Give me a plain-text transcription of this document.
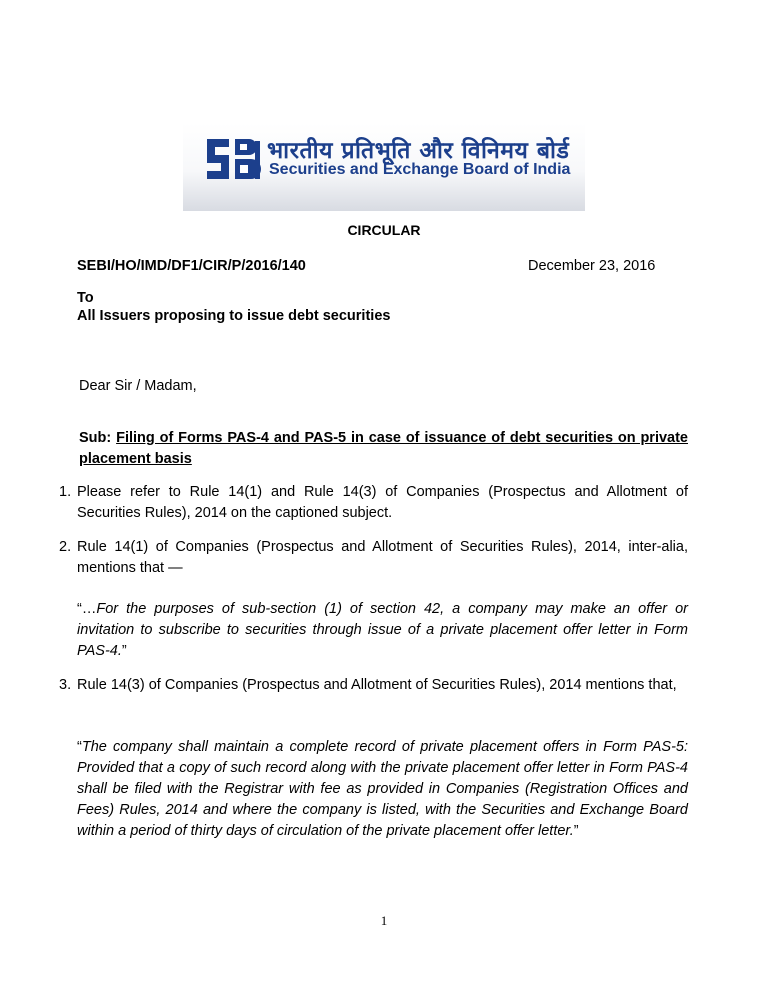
भारतीय प्रतिभूति और विनिमय बोर्ड
Securities and Exchange Board of India
CIRCULAR
SEBI/HO/IMD/DF1/CIR/P/2016/140	December 23, 2016
To
All Issuers proposing to issue debt securities
Dear Sir / Madam,
Sub: Filing of Forms PAS-4 and PAS-5 in case of issuance of debt securities on private placement basis
1. Please refer to Rule 14(1) and Rule 14(3) of Companies (Prospectus and Allotment of Securities Rules), 2014 on the captioned subject.
2. Rule 14(1) of Companies (Prospectus and Allotment of Securities Rules), 2014, inter-alia, mentions that —
“…For the purposes of sub-section (1) of section 42, a company may make an offer or invitation to subscribe to securities through issue of a private placement offer letter in Form PAS-4.”
3. Rule 14(3) of Companies (Prospectus and Allotment of Securities Rules), 2014 mentions that,
“The company shall maintain a complete record of private placement offers in Form PAS-5: Provided that a copy of such record along with the private placement offer letter in Form PAS-4 shall be filed with the Registrar with fee as provided in Companies (Registration Offices and Fees) Rules, 2014 and where the company is listed, with the Securities and Exchange Board within a period of thirty days of circulation of the private placement offer letter.”
1
